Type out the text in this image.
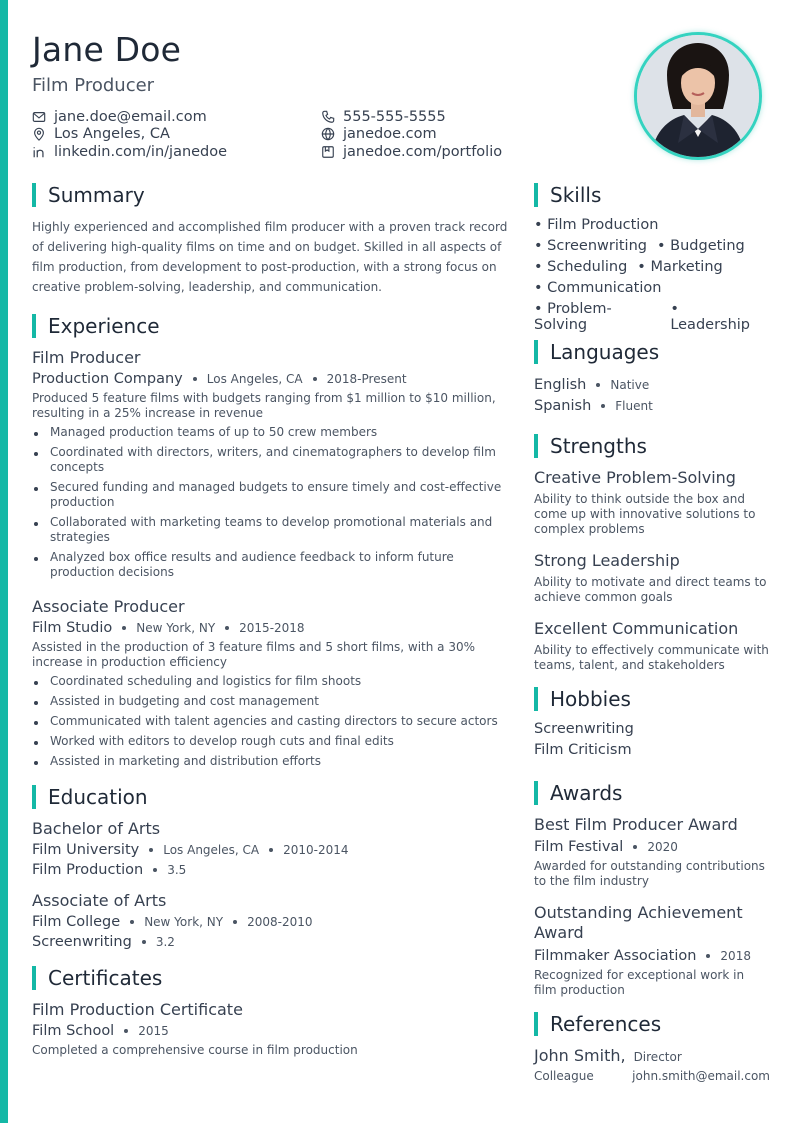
Jane Doe
Film Producer
jane.doe@email.com	555-555-5555
Los Angeles, CA	janedoe.com
linkedin.com/in/janedoe	janedoe.com/portfolio
Summary

Highly experienced and accomplished film producer with a proven track record of delivering high-quality films on time and on budget. Skilled in all aspects of film production, from development to post-production, with a strong focus on creative problem-solving, leadership, and communication.

Experience
Film Producer
Production Company Los Angeles, CA 2018-Present

Produced 5 feature films with budgets ranging from $1 million to $10 million, resulting in a 25% increase in revenue

Managed production teams of up to 50 crew members
Coordinated with directors, writers, and cinematographers to develop film concepts
Secured funding and managed budgets to ensure timely and cost-effective production
Collaborated with marketing teams to develop promotional materials and strategies
Analyzed box office results and audience feedback to inform future production decisions
Associate Producer
Film Studio New York, NY 2015-2018

Assisted in the production of 3 feature films and 5 short films, with a 30% increase in production efficiency

Coordinated scheduling and logistics for film shoots
Assisted in budgeting and cost management
Communicated with talent agencies and casting directors to secure actors
Worked with editors to develop rough cuts and final edits
Assisted in marketing and distribution efforts
Education
Bachelor of Arts
Film University Los Angeles, CA 2010-2014
Film Production 3.5
Associate of Arts
Film College New York, NY 2008-2010
Screenwriting 3.2
Certificates
Film Production Certificate
Film School 2015

Completed a comprehensive course in film production

Skills
• Film Production
• Screenwriting • Budgeting
• Scheduling • Marketing
• Communication
• Problem-Solving
• Leadership
Languages
English Native
Spanish Fluent
Strengths
Creative Problem-Solving

Ability to think outside the box and come up with innovative solutions to complex problems

Strong Leadership

Ability to motivate and direct teams to achieve common goals

Excellent Communication

Ability to effectively communicate with teams, talent, and stakeholders

Hobbies
Screenwriting
Film Criticism
Awards
Best Film Producer Award
Film Festival 2020

Awarded for outstanding contributions to the film industry

Outstanding Achievement Award
Filmmaker Association 2018

Recognized for exceptional work in film production

References
John Smith, Director
Colleague	john.smith@email.com
